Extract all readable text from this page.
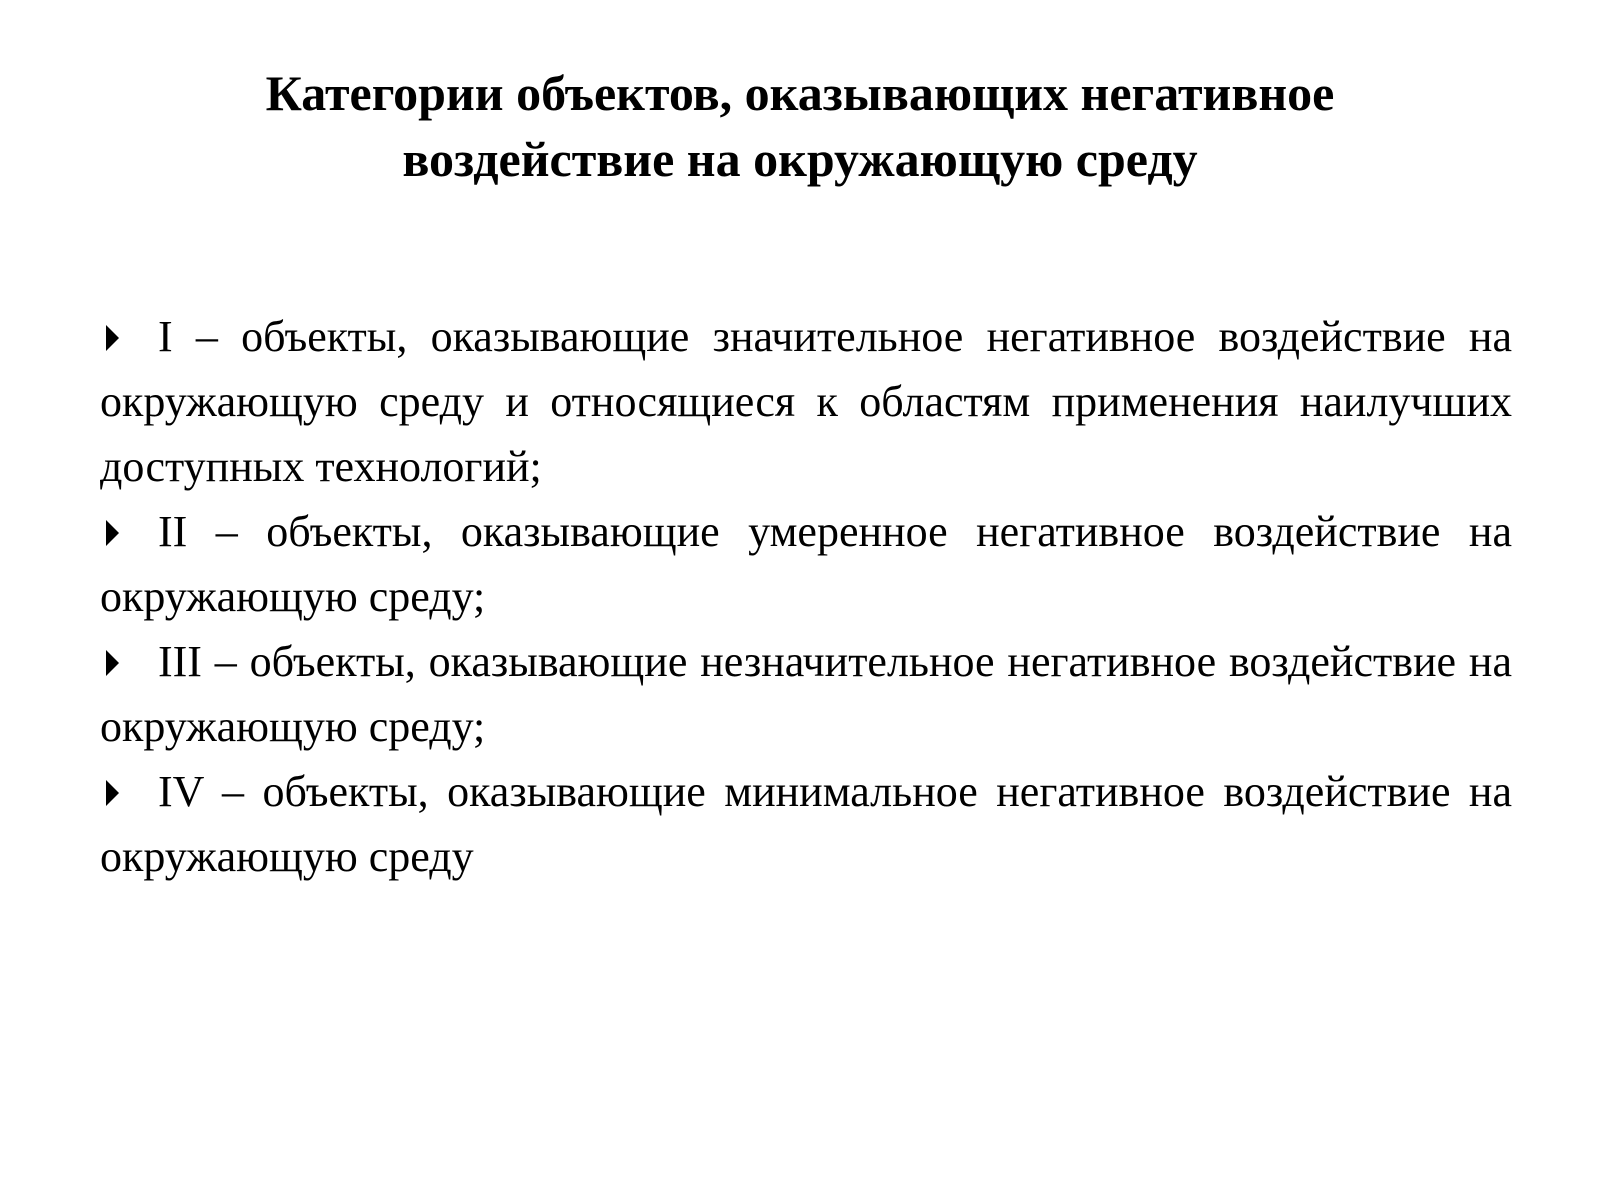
Категории объектов, оказывающих негативное
воздействие на окружающую среду
I – объекты, оказывающие значительное негативное воздействие на окружающую среду и относящиеся к областям применения наилучших доступных технологий;
II – объекты, оказывающие умеренное негативное воздействие на окружающую среду;
III – объекты, оказывающие незначительное негативное воздействие на окружающую среду;
IV – объекты, оказывающие минимальное негативное воздействие на окружающую среду
